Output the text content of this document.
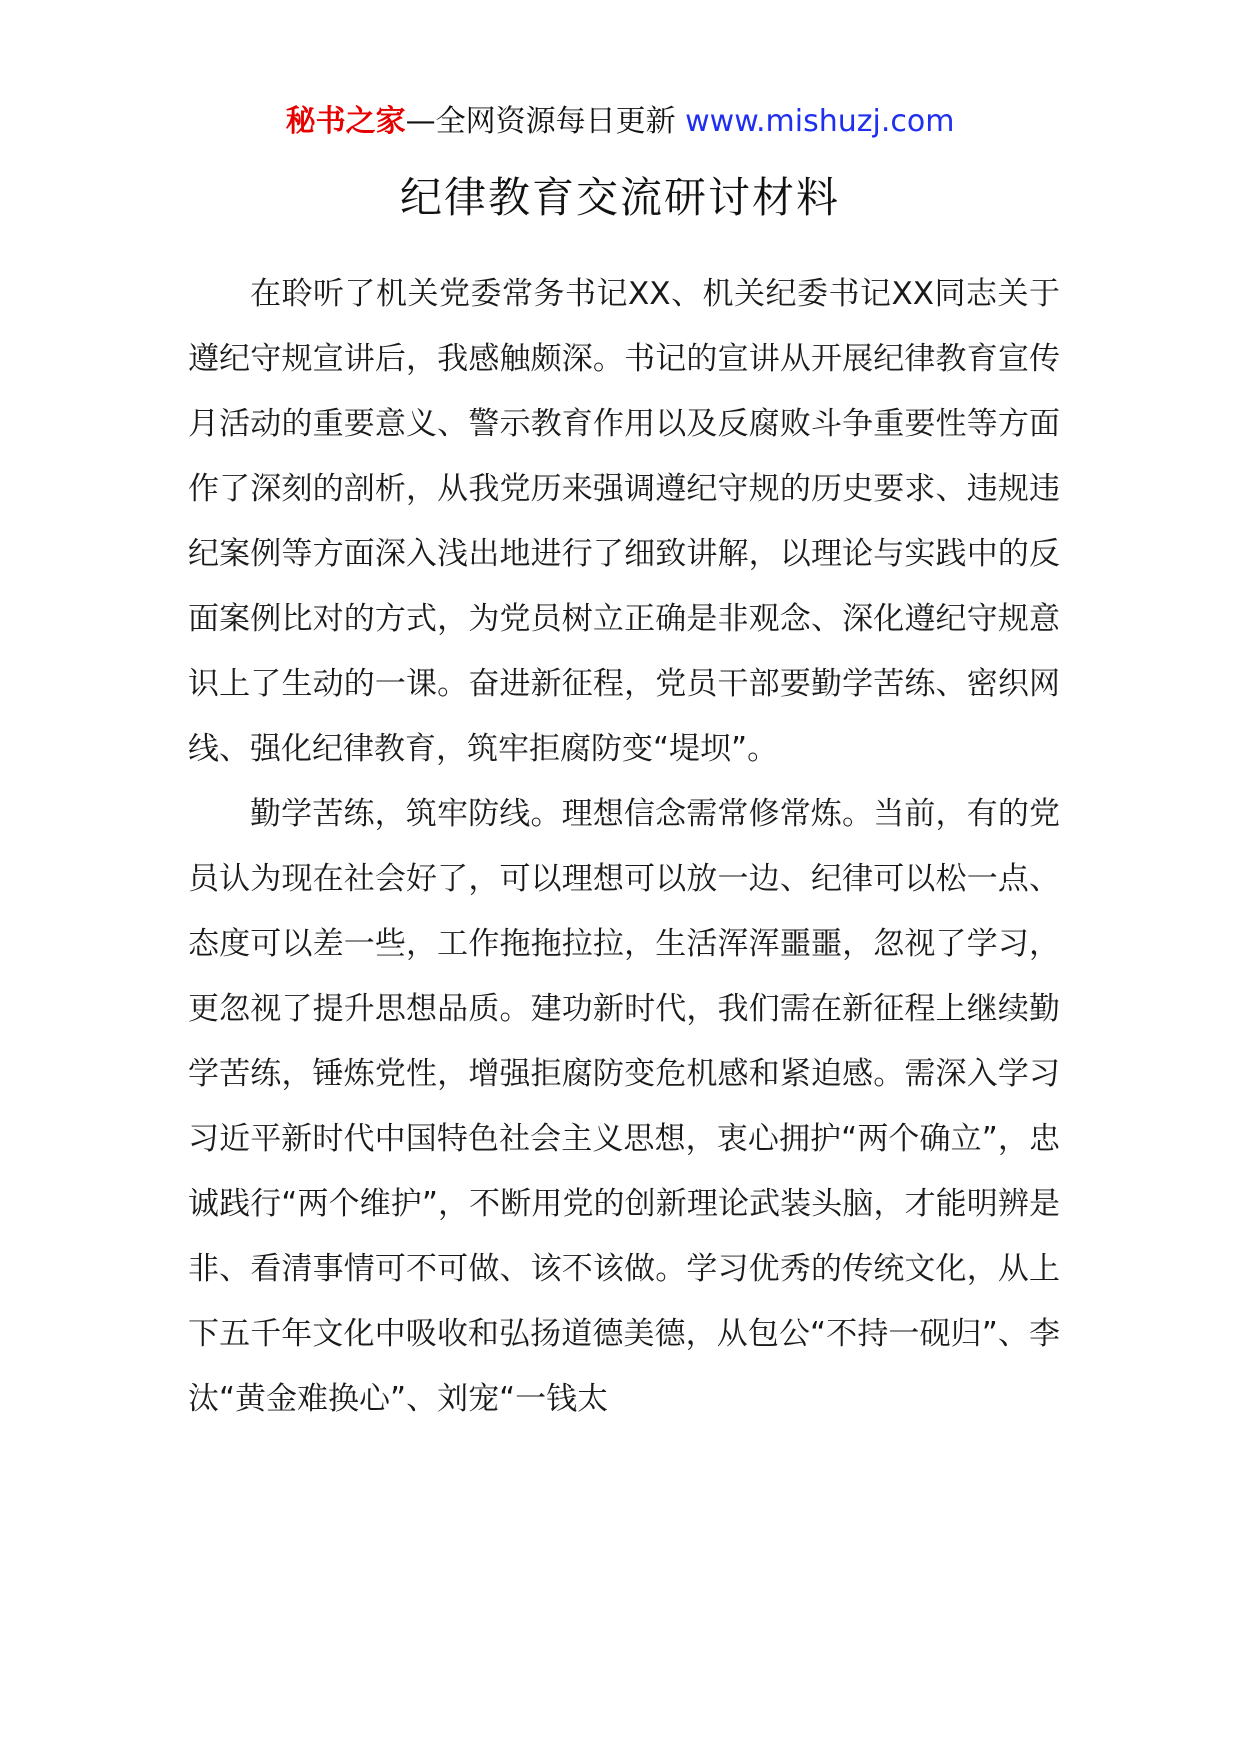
秘书之家—全网资源每日更新 www.mishuzj.com
纪律教育交流研讨材料

在聆听了机关党委常务书记XX、机关纪委书记XX同志关于遵纪守规宣讲后，我感触颇深。书记的宣讲从开展纪律教育宣传月活动的重要意义、警示教育作用以及反腐败斗争重要性等方面作了深刻的剖析，从我党历来强调遵纪守规的历史要求、违规违纪案例等方面深入浅出地进行了细致讲解，以理论与实践中的反面案例比对的方式，为党员树立正确是非观念、深化遵纪守规意识上了生动的一课。奋进新征程，党员干部要勤学苦练、密织网线、强化纪律教育，筑牢拒腐防变“堤坝”。

勤学苦练，筑牢防线。理想信念需常修常炼。当前，有的党员认为现在社会好了，可以理想可以放一边、纪律可以松一点、态度可以差一些，工作拖拖拉拉，生活浑浑噩噩，忽视了学习，更忽视了提升思想品质。建功新时代，我们需在新征程上继续勤学苦练，锤炼党性，增强拒腐防变危机感和紧迫感。需深入学习习近平新时代中国特色社会主义思想，衷心拥护“两个确立”，忠诚践行“两个维护”，不断用党的创新理论武装头脑，才能明辨是非、看清事情可不可做、该不该做。学习优秀的传统文化，从上下五千年文化中吸收和弘扬道德美德，从包公“不持一砚归”、李汰“黄金难换心”、刘宠“一钱太
